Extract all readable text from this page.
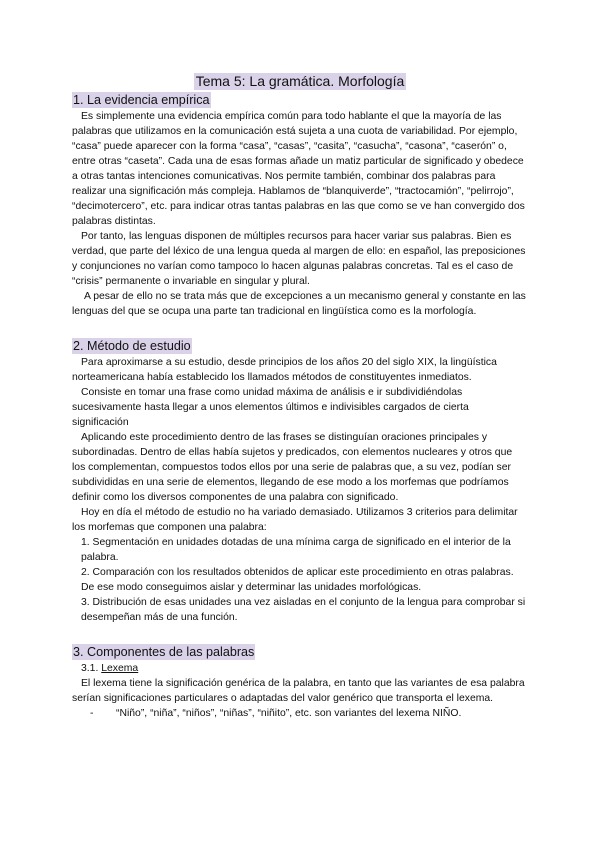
Tema 5: La gramática. Morfología
1. La evidencia empírica

Es simplemente una evidencia empírica común para todo hablante el que la mayoría de las palabras que utilizamos en la comunicación está sujeta a una cuota de variabilidad. Por ejemplo, “casa” puede aparecer con la forma “casa”, “casas”, “casita”, “casucha”, “casona”, “caserón” o, entre otras “caseta”. Cada una de esas formas añade un matiz particular de significado y obedece a otras tantas intenciones comunicativas. Nos permite también, combinar dos palabras para realizar una significación más compleja. Hablamos de “blanquiverde”, “tractocamión”, “pelirrojo”, “decimotercero”, etc. para indicar otras tantas palabras en las que como se ve han convergido dos palabras distintas.

Por tanto, las lenguas disponen de múltiples recursos para hacer variar sus palabras. Bien es verdad, que parte del léxico de una lengua queda al margen de ello: en español, las preposiciones y conjunciones no varían como tampoco lo hacen algunas palabras concretas. Tal es el caso de “crisis” permanente o invariable en singular y plural.

A pesar de ello no se trata más que de excepciones a un mecanismo general y constante en las lenguas del que se ocupa una parte tan tradicional en lingüística como es la morfología.

2. Método de estudio

Para aproximarse a su estudio, desde principios de los años 20 del siglo XIX, la lingüística norteamericana había establecido los llamados métodos de constituyentes inmediatos.

Consiste en tomar una frase como unidad máxima de análisis e ir subdividiéndolas sucesivamente hasta llegar a unos elementos últimos e indivisibles cargados de cierta significación

Aplicando este procedimiento dentro de las frases se distinguían oraciones principales y subordinadas. Dentro de ellas había sujetos y predicados, con elementos nucleares y otros que los complementan, compuestos todos ellos por una serie de palabras que, a su vez, podían ser subdivididas en una serie de elementos, llegando de ese modo a los morfemas que podríamos definir como los diversos componentes de una palabra con significado.

Hoy en día el método de estudio no ha variado demasiado. Utilizamos 3 criterios para delimitar los morfemas que componen una palabra:

1. Segmentación en unidades dotadas de una mínima carga de significado en el interior de la palabra.
2. Comparación con los resultados obtenidos de aplicar este procedimiento en otras palabras. De ese modo conseguimos aislar y determinar las unidades morfológicas.
3. Distribución de esas unidades una vez aisladas en el conjunto de la lengua para comprobar si desempeñan más de una función.
3. Componentes de las palabras
3.1. Lexema

El lexema tiene la significación genérica de la palabra, en tanto que las variantes de esa palabra serían significaciones particulares o adaptadas del valor genérico que transporta el lexema.

-	“Niño”, “niña”, “niños”, “niñas”, “niñito”, etc. son variantes del lexema NIÑO.
